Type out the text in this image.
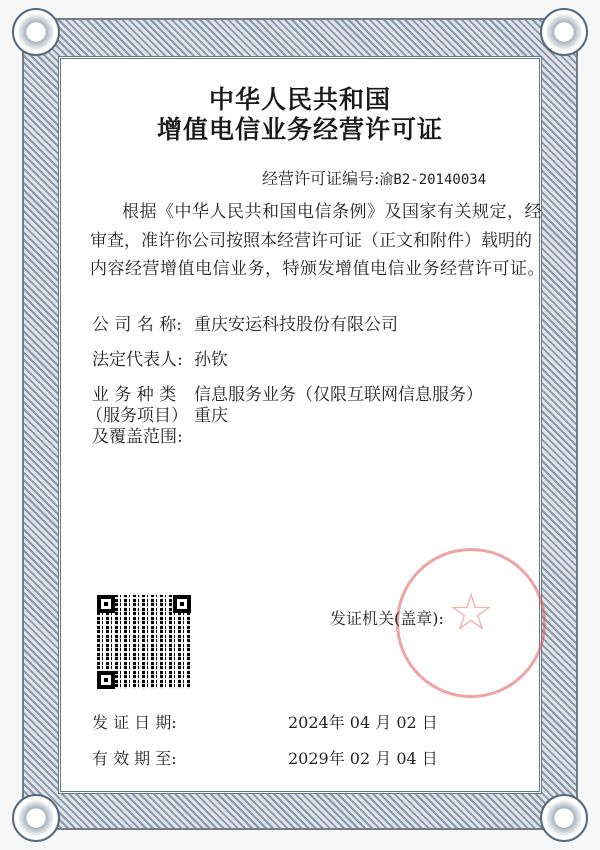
中华人民共和国
增值电信业务经营许可证
经营许可证编号:渝B2-20140034
根据《中华人民共和国电信条例》及国家有关规定，经
审查，准许你公司按照本经营许可证（正文和附件）载明的
内容经营增值电信业务，特颁发增值电信业务经营许可证。
公 司 名 称: 重庆安运科技股份有限公司
法定代表人: 孙钦
业 务 种 类
（服务项目）
及覆盖范围:
信息服务业务（仅限互联网信息服务）
重庆
☆
发证机关(盖章):
发 证 日 期:	2024年 04 月 02 日
有 效 期 至:	2029年 02 月 04 日
